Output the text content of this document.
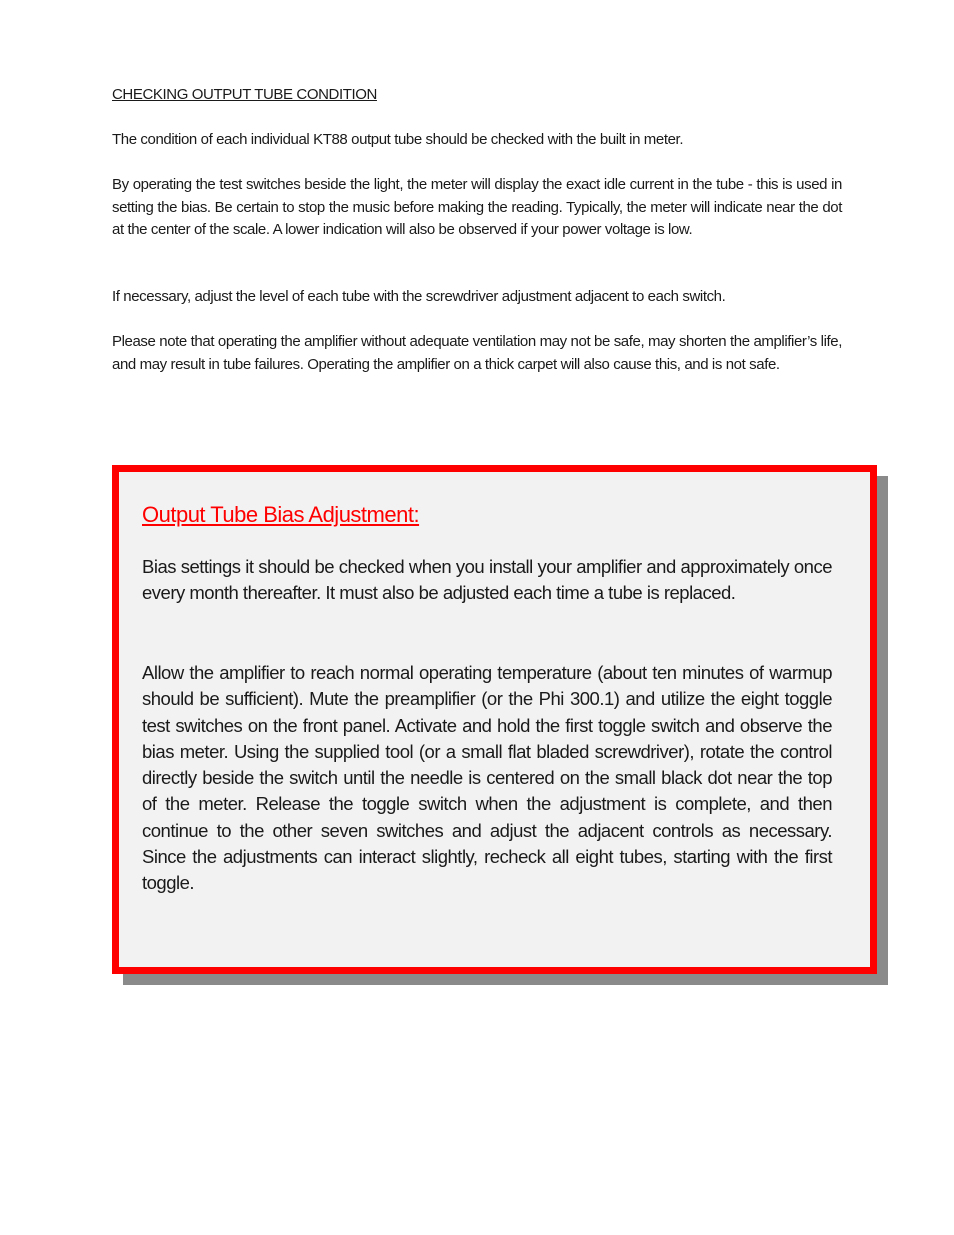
CHECKING OUTPUT TUBE CONDITION

The condition of each individual KT88 output tube should be checked with the built in meter.

By operating the test switches beside the light, the meter will display the exact idle current in the tube - this is used in setting the bias. Be certain to stop the music before making the reading. Typically, the meter will indicate near the dot at the center of the scale. A lower indication will also be observed if your power voltage is low.

If necessary, adjust the level of each tube with the screwdriver adjustment adjacent to each switch.

Please note that operating the amplifier without adequate ventilation may not be safe, may shorten the amplifier’s life, and may result in tube failures. Operating the amplifier on a thick carpet will also cause this, and is not safe.

Output Tube Bias Adjustment:

Bias settings it should be checked when you install your amplifier and approximately once every month thereafter. It must also be adjusted each time a tube is replaced.

Allow the amplifier to reach normal operating temperature (about ten minutes of warmup should be sufficient). Mute the preamplifier (or the Phi 300.1) and utilize the eight toggle test switches on the front panel. Activate and hold the first toggle switch and observe the bias meter. Using the supplied tool (or a small flat bladed screwdriver), rotate the control directly beside the switch until the needle is centered on the small black dot near the top of the meter. Release the toggle switch when the adjustment is complete, and then continue to the other seven switches and adjust the adjacent controls as necessary. Since the adjustments can interact slightly, recheck all eight tubes, starting with the first toggle.
